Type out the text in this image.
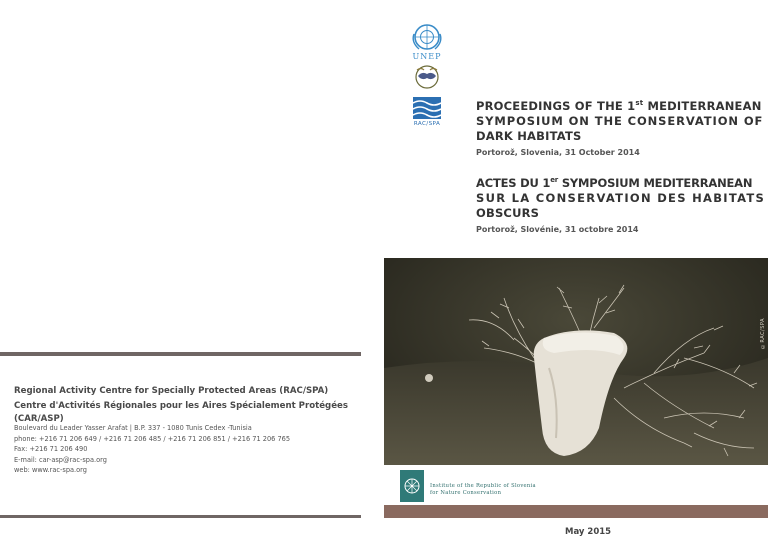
Regional Activity Centre for Specially Protected Areas (RAC/SPA)
Centre d'Activités Régionales pour les Aires Spécialement Protégées (CAR/ASP)
Boulevard du Leader Yasser Arafat | B.P. 337 - 1080 Tunis Cedex -Tunisia
phone: +216 71 206 649 / +216 71 206 485 / +216 71 206 851 / +216 71 206 765
Fax: +216 71 206 490
E-mail: car-asp@rac-spa.org
web: www.rac-spa.org
UNEP
RAC/SPA
PROCEEDINGS OF THE 1st MEDITERRANEAN
SYMPOSIUM ON THE CONSERVATION OF
DARK HABITATS
Portorož, Slovenia, 31 October 2014
ACTES DU 1er SYMPOSIUM MEDITERRANEAN
SUR LA CONSERVATION DES HABITATS
OBSCURS
Portorož, Slovénie, 31 octobre 2014
©RAC/SPA
Institute of the Republic of Slovenia
for Nature Conservation
May 2015
